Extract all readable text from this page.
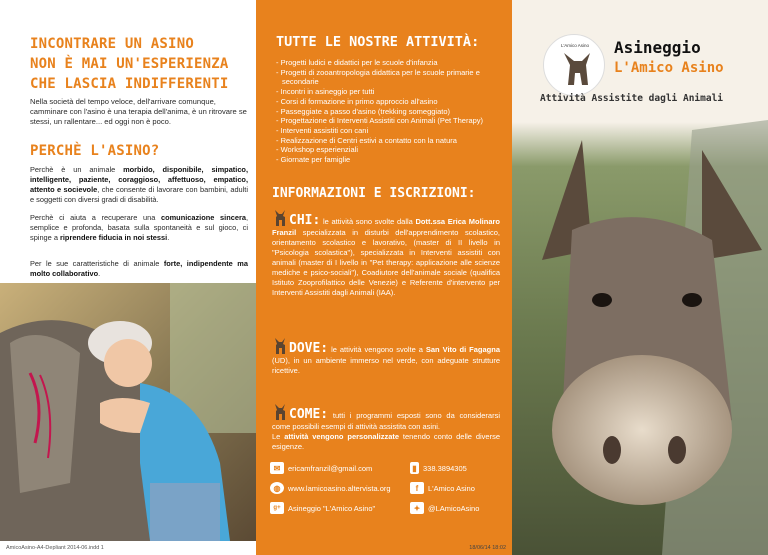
INCONTRARE UN ASINO
NON È MAI UN'ESPERIENZA
CHE LASCIA INDIFFERENTI

Nella società del tempo veloce, dell'arrivare comunque, camminare con l'asino è una terapia dell'anima, è un ritrovare se stessi, un rallentare... ed oggi non è poco.

PERCHÈ L'ASINO?

Perchè è un animale morbido, disponibile, simpatico, intelligente, paziente, coraggioso, affettuoso, empatico, attento e socievole, che consente di lavorare con bambini, adulti e soggetti con diversi gradi di disabilità.

Perchè ci aiuta a recuperare una comunicazione sincera, semplice e profonda, basata sulla spontaneità e sul gioco, ci spinge a riprendere fiducia in noi stessi.

Per le sue caratteristiche di animale forte, indipendente ma molto collaborativo.

AmicoAsino-A4-Depliant 2014-06.indd 1
TUTTE LE NOSTRE ATTIVITÀ:
- Progetti ludici e didattici per le scuole d'infanzia
- Progetti di zooantropologia didattica per le scuole primarie e
secondarie
- Incontri in asineggio per tutti
- Corsi di formazione in primo approccio all'asino
- Passeggiate a passo d'asino (trekking someggiato)
- Progettazione di Interventi Assistiti con Animali (Pet Therapy)
- Interventi assistiti con cani
- Realizzazione di Centri estivi a contatto con la natura
- Workshop esperienziali
- Giornate per famiglie
INFORMAZIONI E ISCRIZIONI:

CHI: le attività sono svolte dalla Dott.ssa Erica Molinaro Franzil specializzata in disturbi dell'apprendimento scolastico, orientamento scolastico e lavorativo, (master di II livello in "Psicologia scolastica"), specializzata in Interventi assistiti con animali (master di I livello in "Pet therapy: applicazione alle scienze mediche e psico-sociali"), Coadiutore dell'animale sociale (qualifica Istituto Zooprofilattico delle Venezie) e Referente d'intervento per Interventi Assistiti dagli Animali (IAA).

DOVE: le attività vengono svolte a San Vito di Fagagna (UD), in un ambiente immerso nel verde, con adeguate strutture ricettive.

COME: tutti i programmi esposti sono da considerarsi come possibili esempi di attività assistita con asini.
Le attività vengono personalizzate tenendo conto delle diverse esigenze.

✉	ericamfranzil@gmail.com	▮ 338.3894305
◍	www.lamicoasino.altervista.org	f	L'Amico Asino
g+ Asineggio "L'Amico Asino"	✦	@LAmicoAsino
18/06/14 18:02
L'Amico Asino	Asineggio
L'Amico Asino
Attività Assistite dagli Animali
